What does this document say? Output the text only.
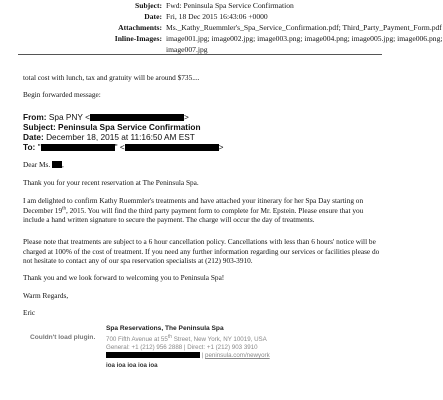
Subject: Fwd: Peninsula Spa Service Confirmation
Date: Fri, 18 Dec 2015 16:43:06 +0000
Attachments: Ms._Kathy_Ruemmler's_Spa_Service_Confirmation.pdf; Third_Party_Payment_Form.pdf
Inline-Images: image001.jpg; image002.jpg; image003.png; image004.png; image005.jpg; image006.png;
image007.jpg
total cost with lunch, tax and gratuity will be around $735....
Begin forwarded message:
From: Spa PNY <	>
Subject: Peninsula Spa Service Confirmation
Date: December 18, 2015 at 11:16:50 AM EST
To: "	" <	>
Dear Ms. ,
Thank you for your recent reservation at The Peninsula Spa.
I am delighted to confirm Kathy Ruemmler's treatments and have attached your itinerary for her Spa Day starting on December 19th, 2015. You will find the third party payment form to complete for Mr. Epstein. Please ensure that you include a hand written signature to secure the payment. The charge will occur the day of treatments.
Please note that treatments are subject to a 6 hour cancellation policy. Cancellations with less than 6 hours' notice will be charged at 100% of the cost of treatment. If you need any further information regarding our services or facilities please do not hesitate to contact any of our spa reservation specialists at (212) 903-3910.
Thank you and we look forward to welcoming you to Peninsula Spa!
Warm Regards,
Eric
Couldn't load plugin.
Spa Reservations, The Peninsula Spa
700 Fifth Avenue at 55th Street, New York, NY 10019, USA
General: +1 (212) 956 2888 | Direct: +1 (212) 903 3910
| peninsula.com/newyork
ioa ioa ioa ioa ioa
